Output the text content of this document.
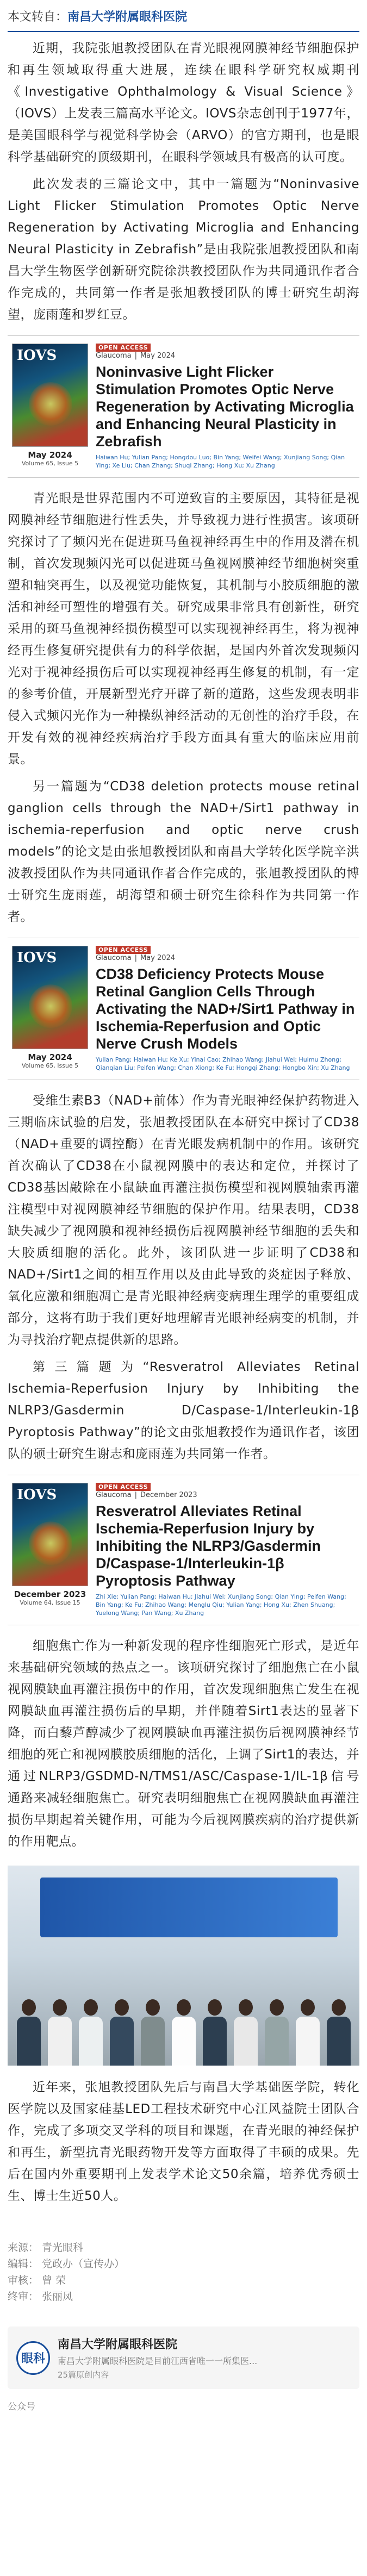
本文转自：南昌大学附属眼科医院

近期，我院张旭教授团队在青光眼视网膜神经节细胞保护和再生领域取得重大进展，连续在眼科学研究权威期刊《Investigative Ophthalmology & Visual Science》（IOVS）上发表三篇高水平论文。IOVS杂志创刊于1977年，是美国眼科学与视觉科学协会（ARVO）的官方期刊，也是眼科学基础研究的顶级期刊，在眼科学领域具有极高的认可度。

此次发表的三篇论文中，其中一篇题为“Noninvasive Light Flicker Stimulation Promotes Optic Nerve Regeneration by Activating Microglia and Enhancing Neural Plasticity in Zebrafish”是由我院张旭教授团队和南昌大学生物医学创新研究院徐洪教授团队作为共同通讯作者合作完成的，共同第一作者是张旭教授团队的博士研究生胡海望，庞雨莲和罗红豆。

IOVS
May 2024
Volume 65, Issue 5
OPEN ACCESS
Glaucoma | May 2024
Noninvasive Light Flicker Stimulation Promotes Optic Nerve Regeneration by Activating Microglia and Enhancing Neural Plasticity in Zebrafish
Haiwan Hu; Yulian Pang; Hongdou Luo; Bin Yang; Weifei Wang; Xunjiang Song; Qian Ying; Xe Liu; Chan Zhang; Shuqi Zhang; Hong Xu; Xu Zhang

青光眼是世界范围内不可逆致盲的主要原因，其特征是视网膜神经节细胞进行性丢失，并导致视力进行性损害。该项研究探讨了了频闪光在促进斑马鱼视神经再生中的作用及潜在机制，首次发现频闪光可以促进斑马鱼视网膜神经节细胞树突重塑和轴突再生，以及视觉功能恢复，其机制与小胶质细胞的激活和神经可塑性的增强有关。研究成果非常具有创新性，研究采用的斑马鱼视神经损伤模型可以实现视神经再生，将为视神经再生修复研究提供有力的科学依据，是国内外首次发现频闪光对于视神经损伤后可以实现视神经再生修复的机制，有一定的参考价值，开展新型光疗开辟了新的道路，这些发现表明非侵入式频闪光作为一种操纵神经活动的无创性的治疗手段，在开发有效的视神经疾病治疗手段方面具有重大的临床应用前景。

另一篇题为“CD38 deletion protects mouse retinal ganglion cells through the NAD+/Sirt1 pathway in ischemia-reperfusion and optic nerve crush models”的论文是由张旭教授团队和南昌大学转化医学院辛洪波教授团队作为共同通讯作者合作完成的，张旭教授团队的博士研究生庞雨莲，胡海望和硕士研究生徐科作为共同第一作者。

IOVS
May 2024
Volume 65, Issue 5
OPEN ACCESS
Glaucoma | May 2024
CD38 Deficiency Protects Mouse Retinal Ganglion Cells Through Activating the NAD+/Sirt1 Pathway in Ischemia-Reperfusion and Optic Nerve Crush Models
Yulian Pang; Haiwan Hu; Ke Xu; Yinai Cao; Zhihao Wang; Jiahui Wei; Huimu Zhong; Qianqian Liu; Peifen Wang; Chan Xiong; Ke Fu; Hongqi Zhang; Hongbo Xin; Xu Zhang

受维生素B3（NAD+前体）作为青光眼神经保护药物进入三期临床试验的启发，张旭教授团队在本研究中探讨了CD38（NAD+重要的调控酶）在青光眼发病机制中的作用。该研究首次确认了CD38在小鼠视网膜中的表达和定位，并探讨了CD38基因敲除在小鼠缺血再灌注损伤模型和视网膜轴索再灌注模型中对视网膜神经节细胞的保护作用。结果表明，CD38缺失减少了视网膜和视神经损伤后视网膜神经节细胞的丢失和大胶质细胞的活化。此外，该团队进一步证明了CD38和NAD+/Sirt1之间的相互作用以及由此导致的炎症因子释放、氧化应激和细胞凋亡是青光眼神经病变病理生理学的重要组成部分，这将有助于我们更好地理解青光眼神经病变的机制，并为寻找治疗靶点提供新的思路。

第三篇题为“Resveratrol Alleviates Retinal Ischemia-Reperfusion Injury by Inhibiting the NLRP3/Gasdermin D/Caspase-1/Interleukin-1β Pyroptosis Pathway”的论文由张旭教授作为通讯作者，该团队的硕士研究生谢志和庞雨莲为共同第一作者。

IOVS
December 2023
Volume 64, Issue 15
OPEN ACCESS
Glaucoma | December 2023
Resveratrol Alleviates Retinal Ischemia-Reperfusion Injury by Inhibiting the NLRP3/Gasdermin D/Caspase-1/Interleukin-1β Pyroptosis Pathway
Zhi Xie; Yulian Pang; Haiwan Hu; Jiahui Wei; Xunjiang Song; Qian Ying; Peifen Wang; Bin Yang; Ke Fu; Zhihao Wang; Menglu Qiu; Yulian Yang; Hong Xu; Zhen Shuang; Yuelong Wang; Pan Wang; Xu Zhang

细胞焦亡作为一种新发现的程序性细胞死亡形式，是近年来基础研究领域的热点之一。该项研究探讨了细胞焦亡在小鼠视网膜缺血再灌注损伤中的作用，首次发现细胞焦亡发生在视网膜缺血再灌注损伤后的早期，并伴随着Sirt1表达的显著下降，而白藜芦醇减少了视网膜缺血再灌注损伤后视网膜神经节细胞的死亡和视网膜胶质细胞的活化，上调了Sirt1的表达，并通过NLRP3/GSDMD-N/TMS1/ASC/Caspase-1/IL-1β信号通路来减轻细胞焦亡。研究表明细胞焦亡在视网膜缺血再灌注损伤早期起着关键作用，可能为今后视网膜疾病的治疗提供新的作用靶点。

近年来，张旭教授团队先后与南昌大学基础医学院，转化医学院以及国家硅基LED工程技术研究中心江风益院士团队合作，完成了多项交叉学科的项目和课题，在青光眼的神经保护和再生，新型抗青光眼药物开发等方面取得了丰硕的成果。先后在国内外重要期刊上发表学术论文50余篇，培养优秀硕士生、博士生近50人。

来源： 青光眼科
编辑： 党政办（宣传办）
审核： 曾 荣
终审： 张丽凤
眼科
南昌大学附属眼科医院
南昌大学附属眼科医院是目前江西省唯一一所集医...
25篇原创内容
公众号
